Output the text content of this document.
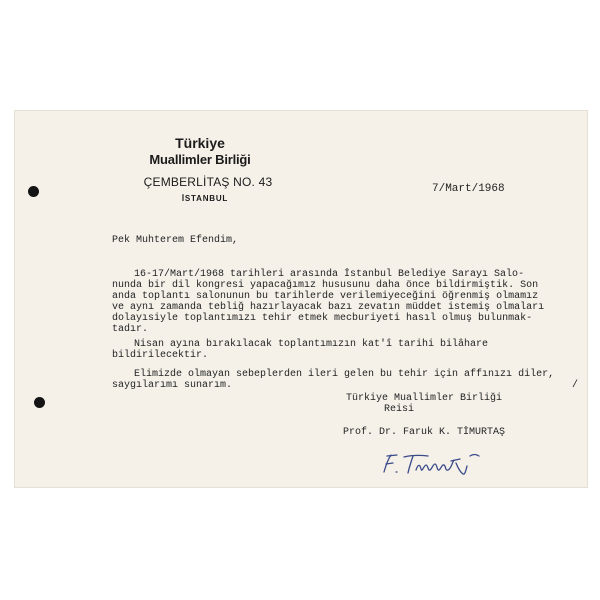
Türkiye
Muallimler Birliği
ÇEMBERLİTAŞ NO. 43
İSTANBUL
7/Mart/1968
Pek Muhterem Efendim,
16-17/Mart/1968 tarihleri arasında İstanbul Belediye Sarayı Salo-
nunda bir dil kongresi yapacağımız hususunu daha önce bildirmiştik. Son
anda toplantı salonunun bu tarihlerde verilemiyeceğini öğrenmiş olmamız
ve aynı zamanda tebliğ hazırlayacak bazı zevatın müddet istemiş olmaları
dolayısiyle toplantımızı tehir etmek mecburiyeti hasıl olmuş bulunmak-
tadır.
Nisan ayına bırakılacak toplantımızın kat'î tarihi bilâhare
bildirilecektir.
Elimizde olmayan sebeplerden ileri gelen bu tehir için affınızı diler,
saygılarımı sunarım.	/
Türkiye Muallimler Birliği
Reisi
Prof. Dr. Faruk K. TİMURTAŞ
